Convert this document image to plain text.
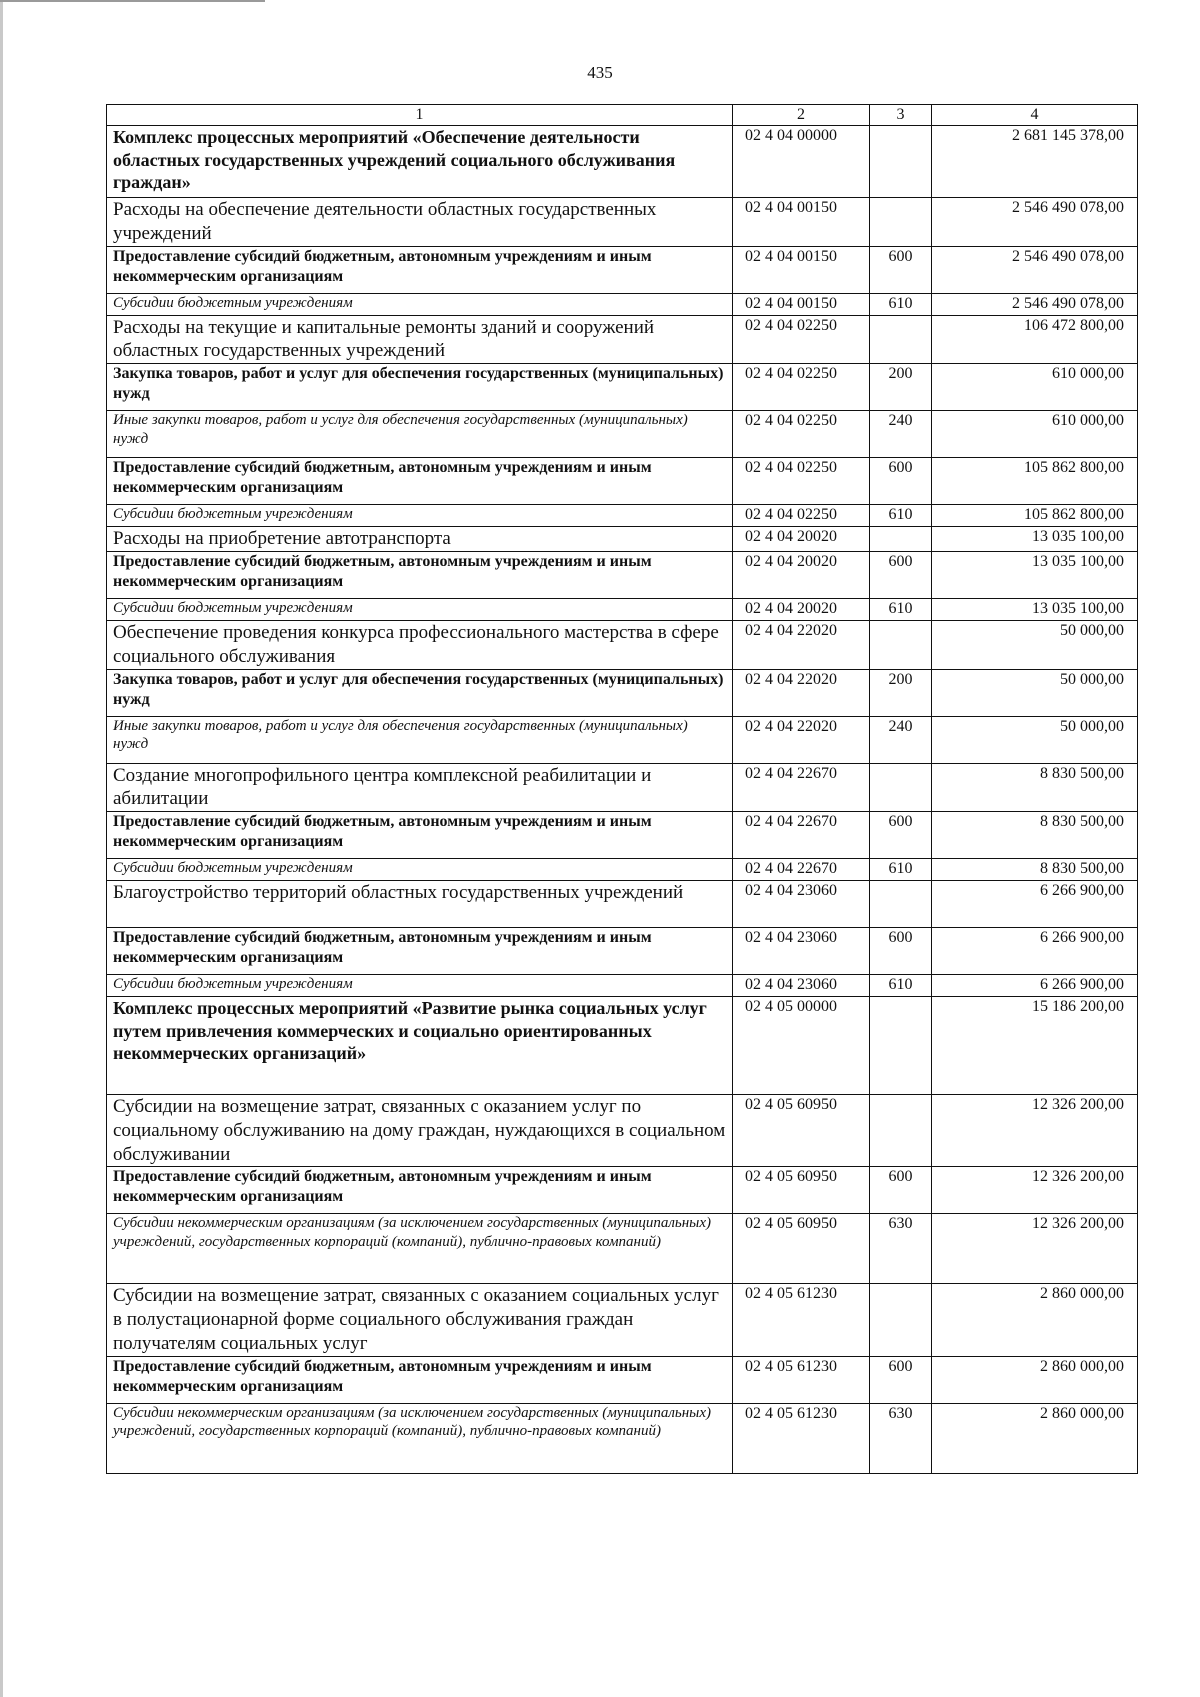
435
1	2	3	4
Комплекс процессных мероприятий «Обеспечение деятельности областных государственных учреждений социального обслуживания граждан»	02 4 04 00000		2 681 145 378,00
Расходы на обеспечение деятельности областных государственных учреждений	02 4 04 00150		2 546 490 078,00
Предоставление субсидий бюджетным, автономным учреждениям и иным некоммерческим организациям	02 4 04 00150	600	2 546 490 078,00
Субсидии бюджетным учреждениям	02 4 04 00150	610	2 546 490 078,00
Расходы на текущие и капитальные ремонты зданий и сооружений областных государственных учреждений	02 4 04 02250		106 472 800,00
Закупка товаров, работ и услуг для обеспечения государственных (муниципальных) нужд	02 4 04 02250	200	610 000,00
Иные закупки товаров, работ и услуг для обеспечения государственных (муниципальных) нужд	02 4 04 02250	240	610 000,00
Предоставление субсидий бюджетным, автономным учреждениям и иным некоммерческим организациям	02 4 04 02250	600	105 862 800,00
Субсидии бюджетным учреждениям	02 4 04 02250	610	105 862 800,00
Расходы на приобретение автотранспорта	02 4 04 20020		13 035 100,00
Предоставление субсидий бюджетным, автономным учреждениям и иным некоммерческим организациям	02 4 04 20020	600	13 035 100,00
Субсидии бюджетным учреждениям	02 4 04 20020	610	13 035 100,00
Обеспечение проведения конкурса профессионального мастерства в сфере социального обслуживания	02 4 04 22020		50 000,00
Закупка товаров, работ и услуг для обеспечения государственных (муниципальных) нужд	02 4 04 22020	200	50 000,00
Иные закупки товаров, работ и услуг для обеспечения государственных (муниципальных) нужд	02 4 04 22020	240	50 000,00
Создание многопрофильного центра комплексной реабилитации и абилитации	02 4 04 22670		8 830 500,00
Предоставление субсидий бюджетным, автономным учреждениям и иным некоммерческим организациям	02 4 04 22670	600	8 830 500,00
Субсидии бюджетным учреждениям	02 4 04 22670	610	8 830 500,00
Благоустройство территорий областных государственных учреждений	02 4 04 23060		6 266 900,00
Предоставление субсидий бюджетным, автономным учреждениям и иным некоммерческим организациям	02 4 04 23060	600	6 266 900,00
Субсидии бюджетным учреждениям	02 4 04 23060	610	6 266 900,00
Комплекс процессных мероприятий «Развитие рынка социальных услуг путем привлечения коммерческих и социально ориентированных некоммерческих организаций»	02 4 05 00000		15 186 200,00
Субсидии на возмещение затрат, связанных с оказанием услуг по социальному обслуживанию на дому граждан, нуждающихся в социальном обслуживании	02 4 05 60950		12 326 200,00
Предоставление субсидий бюджетным, автономным учреждениям и иным некоммерческим организациям	02 4 05 60950	600	12 326 200,00
Субсидии некоммерческим организациям (за исключением государственных (муниципальных) учреждений, государственных корпораций (компаний), публично-правовых компаний)	02 4 05 60950	630	12 326 200,00
Субсидии на возмещение затрат, связанных с оказанием социальных услуг в полустационарной форме социального обслуживания граждан получателям социальных услуг	02 4 05 61230		2 860 000,00
Предоставление субсидий бюджетным, автономным учреждениям и иным некоммерческим организациям	02 4 05 61230	600	2 860 000,00
Субсидии некоммерческим организациям (за исключением государственных (муниципальных) учреждений, государственных корпораций (компаний), публично-правовых компаний)	02 4 05 61230	630	2 860 000,00
